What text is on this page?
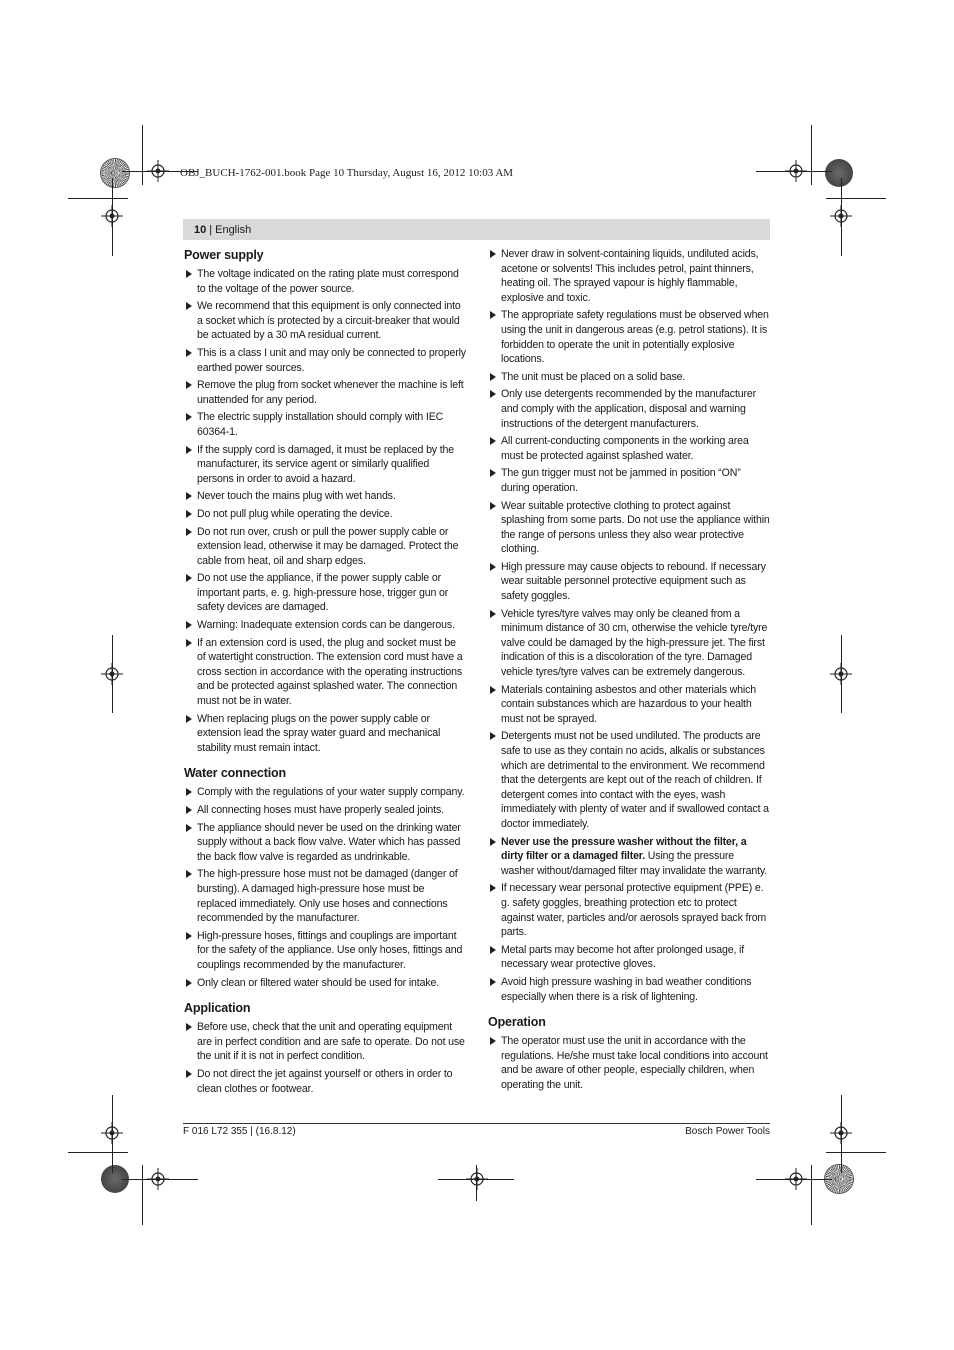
OBJ_BUCH-1762-001.book Page 10 Thursday, August 16, 2012 10:03 AM
10 | English
Power supply
The voltage indicated on the rating plate must correspond to the voltage of the power source.
We recommend that this equipment is only connected into a socket which is protected by a circuit-breaker that would be actuated by a 30 mA residual current.
This is a class I unit and may only be connected to properly earthed power sources.
Remove the plug from socket whenever the machine is left unattended for any period.
The electric supply installation should comply with IEC 60364-1.
If the supply cord is damaged, it must be replaced by the manufacturer, its service agent or similarly qualified persons in order to avoid a hazard.
Never touch the mains plug with wet hands.
Do not pull plug while operating the device.
Do not run over, crush or pull the power supply cable or extension lead, otherwise it may be damaged. Protect the cable from heat, oil and sharp edges.
Do not use the appliance, if the power supply cable or important parts, e. g. high-pressure hose, trigger gun or safety devices are damaged.
Warning: Inadequate extension cords can be dangerous.
If an extension cord is used, the plug and socket must be of watertight construction. The extension cord must have a cross section in accordance with the operating instructions and be protected against splashed water. The connection must not be in water.
When replacing plugs on the power supply cable or extension lead the spray water guard and mechanical stability must remain intact.
Water connection
Comply with the regulations of your water supply company.
All connecting hoses must have properly sealed joints.
The appliance should never be used on the drinking water supply without a back flow valve. Water which has passed the back flow valve is regarded as undrinkable.
The high-pressure hose must not be damaged (danger of bursting). A damaged high-pressure hose must be replaced immediately. Only use hoses and connections recommended by the manufacturer.
High-pressure hoses, fittings and couplings are important for the safety of the appliance. Use only hoses, fittings and couplings recommended by the manufacturer.
Only clean or filtered water should be used for intake.
Application
Before use, check that the unit and operating equipment are in perfect condition and are safe to operate. Do not use the unit if it is not in perfect condition.
Do not direct the jet against yourself or others in order to clean clothes or footwear.
Never draw in solvent-containing liquids, undiluted acids, acetone or solvents! This includes petrol, paint thinners, heating oil. The sprayed vapour is highly flammable, explosive and toxic.
The appropriate safety regulations must be observed when using the unit in dangerous areas (e.g. petrol stations). It is forbidden to operate the unit in potentially explosive locations.
The unit must be placed on a solid base.
Only use detergents recommended by the manufacturer and comply with the application, disposal and warning instructions of the detergent manufacturers.
All current-conducting components in the working area must be protected against splashed water.
The gun trigger must not be jammed in position “ON” during operation.
Wear suitable protective clothing to protect against splashing from some parts. Do not use the appliance within the range of persons unless they also wear protective clothing.
High pressure may cause objects to rebound. If necessary wear suitable personnel protective equipment such as safety goggles.
Vehicle tyres/tyre valves may only be cleaned from a minimum distance of 30 cm, otherwise the vehicle tyre/tyre valve could be damaged by the high-pressure jet. The first indication of this is a discoloration of the tyre. Damaged vehicle tyres/tyre valves can be extremely dangerous.
Materials containing asbestos and other materials which contain substances which are hazardous to your health must not be sprayed.
Detergents must not be used undiluted. The products are safe to use as they contain no acids, alkalis or substances which are detrimental to the environment. We recommend that the detergents are kept out of the reach of children. If detergent comes into contact with the eyes, wash immediately with plenty of water and if swallowed contact a doctor immediately.
Never use the pressure washer without the filter, a dirty filter or a damaged filter. Using the pressure washer without/damaged filter may invalidate the warranty.
If necessary wear personal protective equipment (PPE) e. g. safety goggles, breathing protection etc to protect against water, particles and/or aerosols sprayed back from parts.
Metal parts may become hot after prolonged usage, if necessary wear protective gloves.
Avoid high pressure washing in bad weather conditions especially when there is a risk of lightening.
Operation
The operator must use the unit in accordance with the regulations. He/she must take local conditions into account and be aware of other people, especially children, when operating the unit.
F 016 L72 355 | (16.8.12)	Bosch Power Tools
